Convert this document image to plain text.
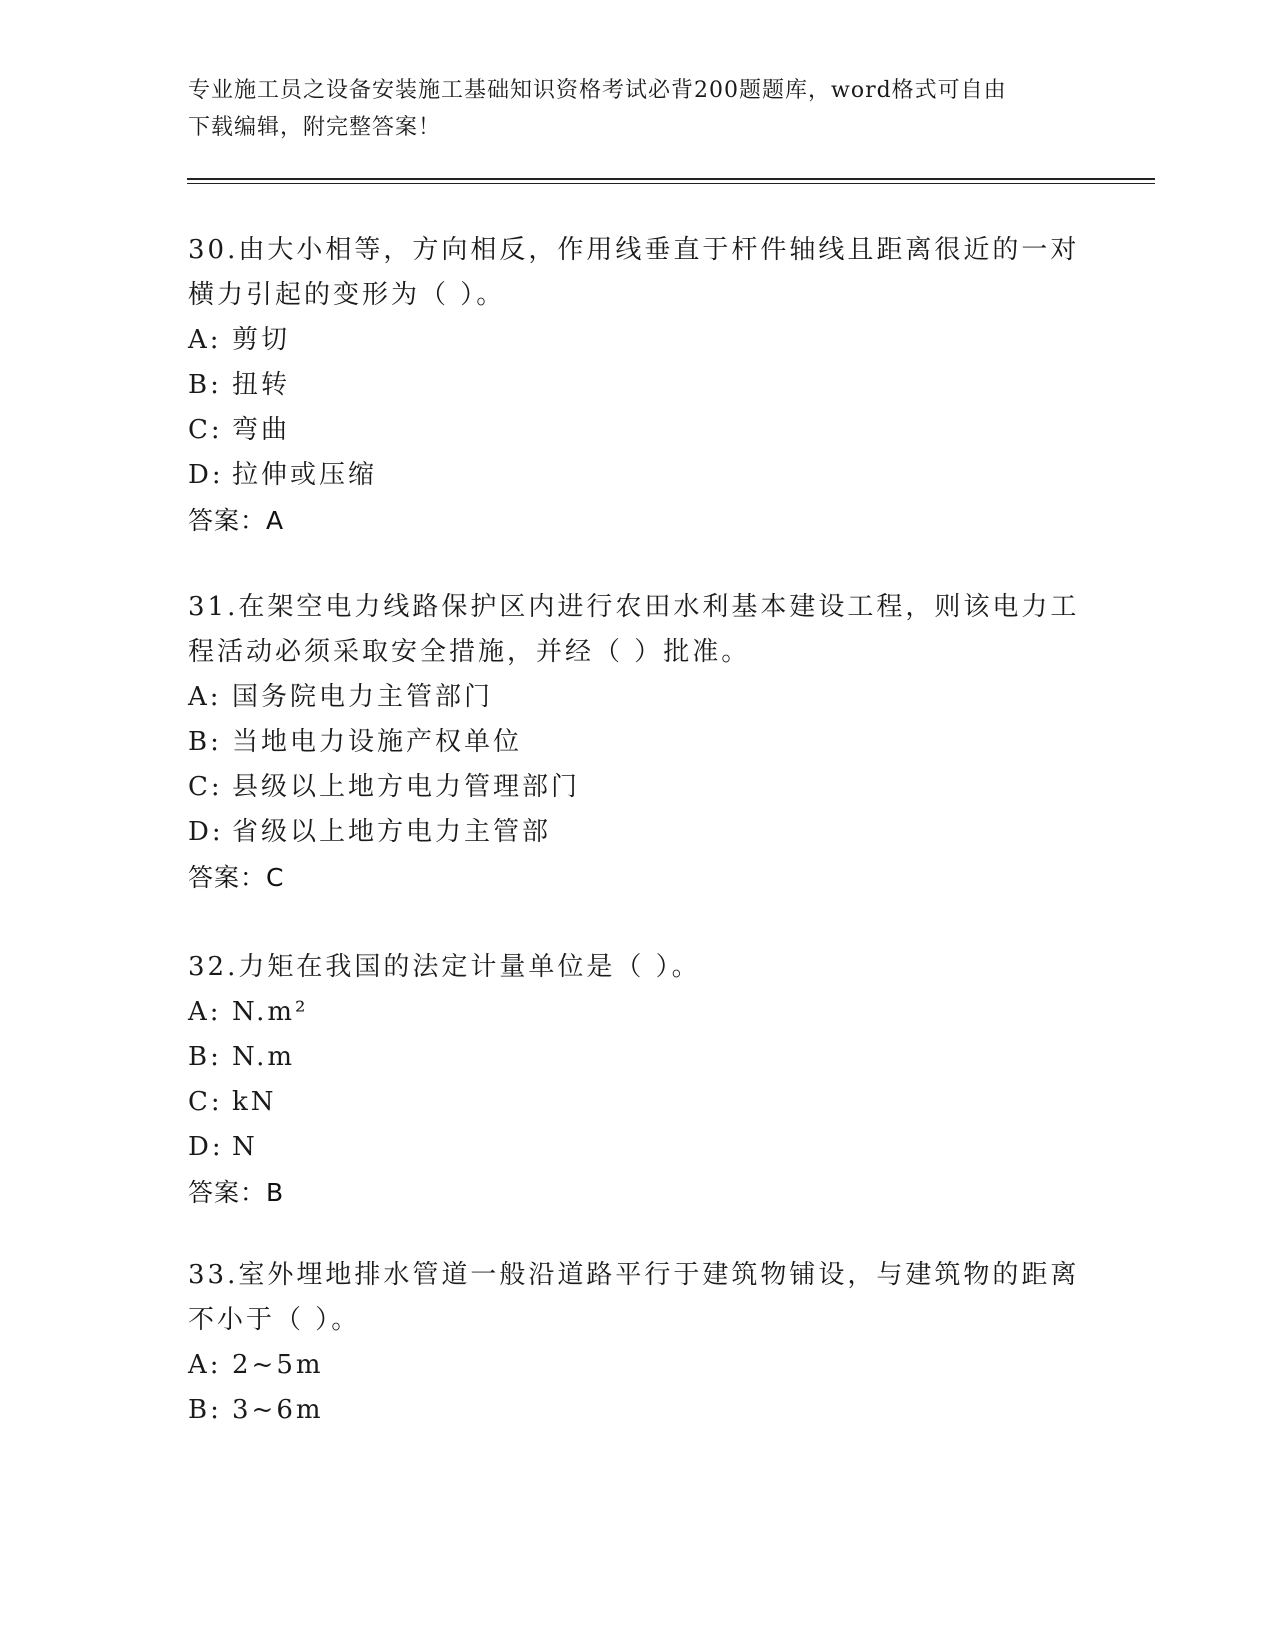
专业施工员之设备安装施工基础知识资格考试必背200题题库，word格式可自由
下载编辑，附完整答案！
30.由大小相等，方向相反，作用线垂直于杆件轴线且距离很近的一对
横力引起的变形为（ ）。
A: 剪切
B: 扭转
C: 弯曲
D: 拉伸或压缩
答案：A
31.在架空电力线路保护区内进行农田水利基本建设工程，则该电力工
程活动必须采取安全措施，并经（ ）批准。
A: 国务院电力主管部门
B: 当地电力设施产权单位
C: 县级以上地方电力管理部门
D: 省级以上地方电力主管部
答案：C
32.力矩在我国的法定计量单位是（ ）。
A: N.m²
B: N.m
C: kN
D: N
答案：B
33.室外埋地排水管道一般沿道路平行于建筑物铺设，与建筑物的距离
不小于（ ）。
A: 2~5m
B: 3~6m
